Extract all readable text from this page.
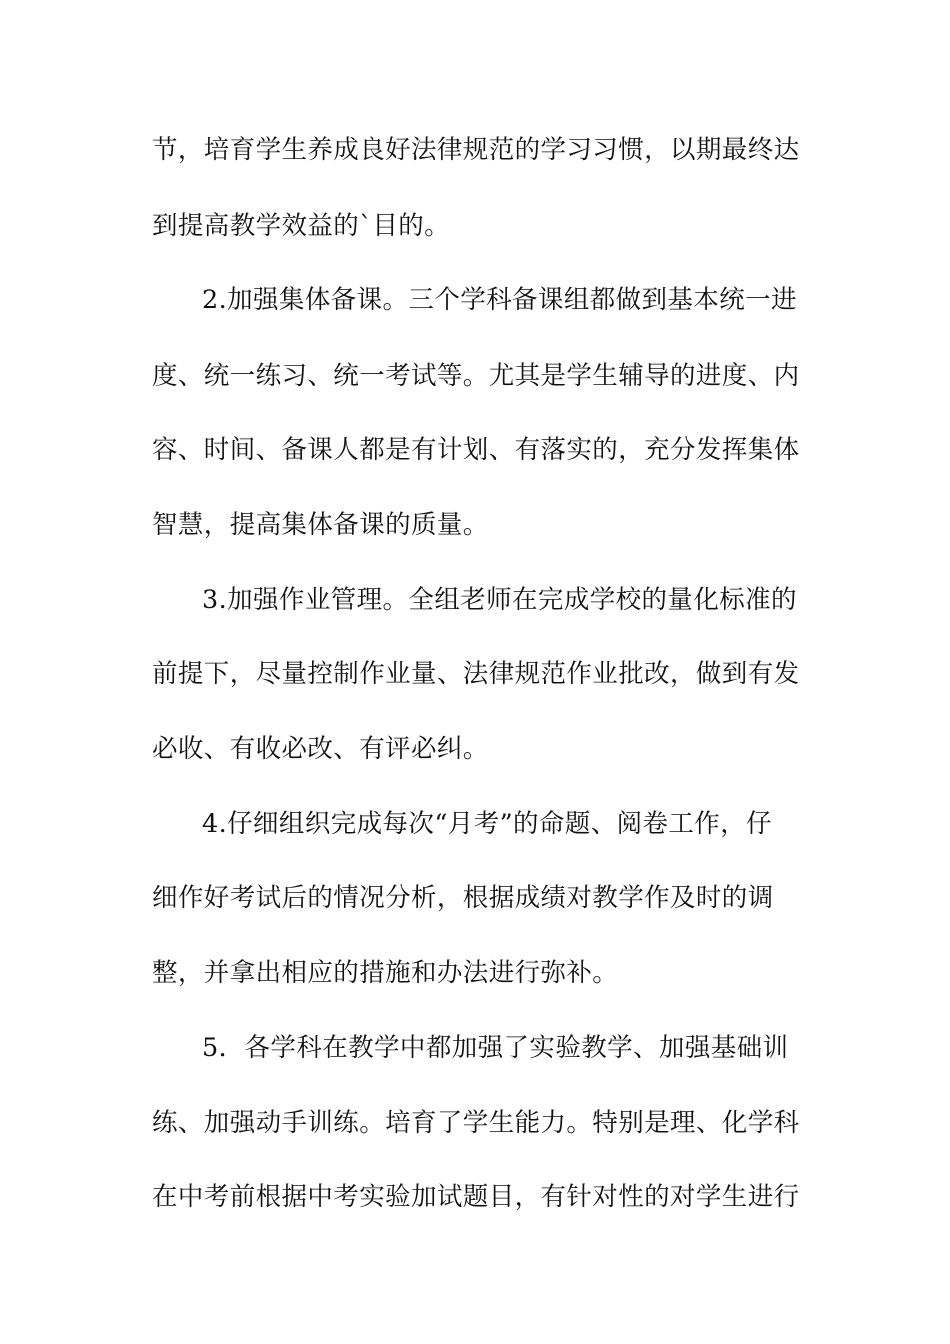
节，培育学生养成良好法律规范的学习习惯，以期最终达
到提高教学效益的`目的。
2.加强集体备课。三个学科备课组都做到基本统一进
度、统一练习、统一考试等。尤其是学生辅导的进度、内
容、时间、备课人都是有计划、有落实的，充分发挥集体
智慧，提高集体备课的质量。
3.加强作业管理。全组老师在完成学校的量化标准的
前提下，尽量控制作业量、法律规范作业批改，做到有发
必收、有收必改、有评必纠。
4.仔细组织完成每次“月考”的命题、阅卷工作，仔
细作好考试后的情况分析，根据成绩对教学作及时的调
整，并拿出相应的措施和办法进行弥补。
5．各学科在教学中都加强了实验教学、加强基础训
练、加强动手训练。培育了学生能力。特别是理、化学科
在中考前根据中考实验加试题目，有针对性的对学生进行
